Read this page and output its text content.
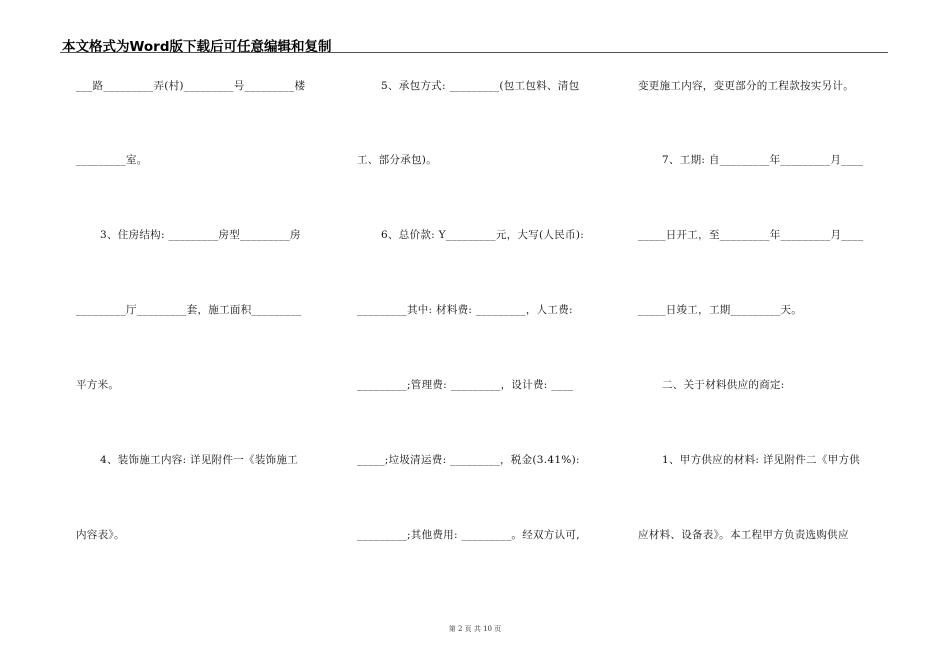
本文格式为Word版下载后可任意编辑和复制
___路_________弄(村)_________号_________楼
_________室。
3、住房结构: _________房型_________房
_________厅_________套，施工面积_________
平方米。
4、装饰施工内容: 详见附件一《装饰施工
内容表》。
5、承包方式: _________(包工包料、清包
工、部分承包)。
6、总价款: Y_________元，大写(人民币):
_________其中: 材料费: _________，人工费:
_________;管理费: _________，设计费: ____
_____;垃圾清运费: _________，税金(3.41%):
_________;其他费用: _________。经双方认可,
变更施工内容，变更部分的工程款按实另计。
7、工期: 自_________年_________月____
_____日开工，至_________年_________月____
_____日竣工，工期_________天。
二、关于材料供应的商定:
1、甲方供应的材料: 详见附件二《甲方供
应材料、设备表》。本工程甲方负责选购供应
第 2 页 共 10 页
